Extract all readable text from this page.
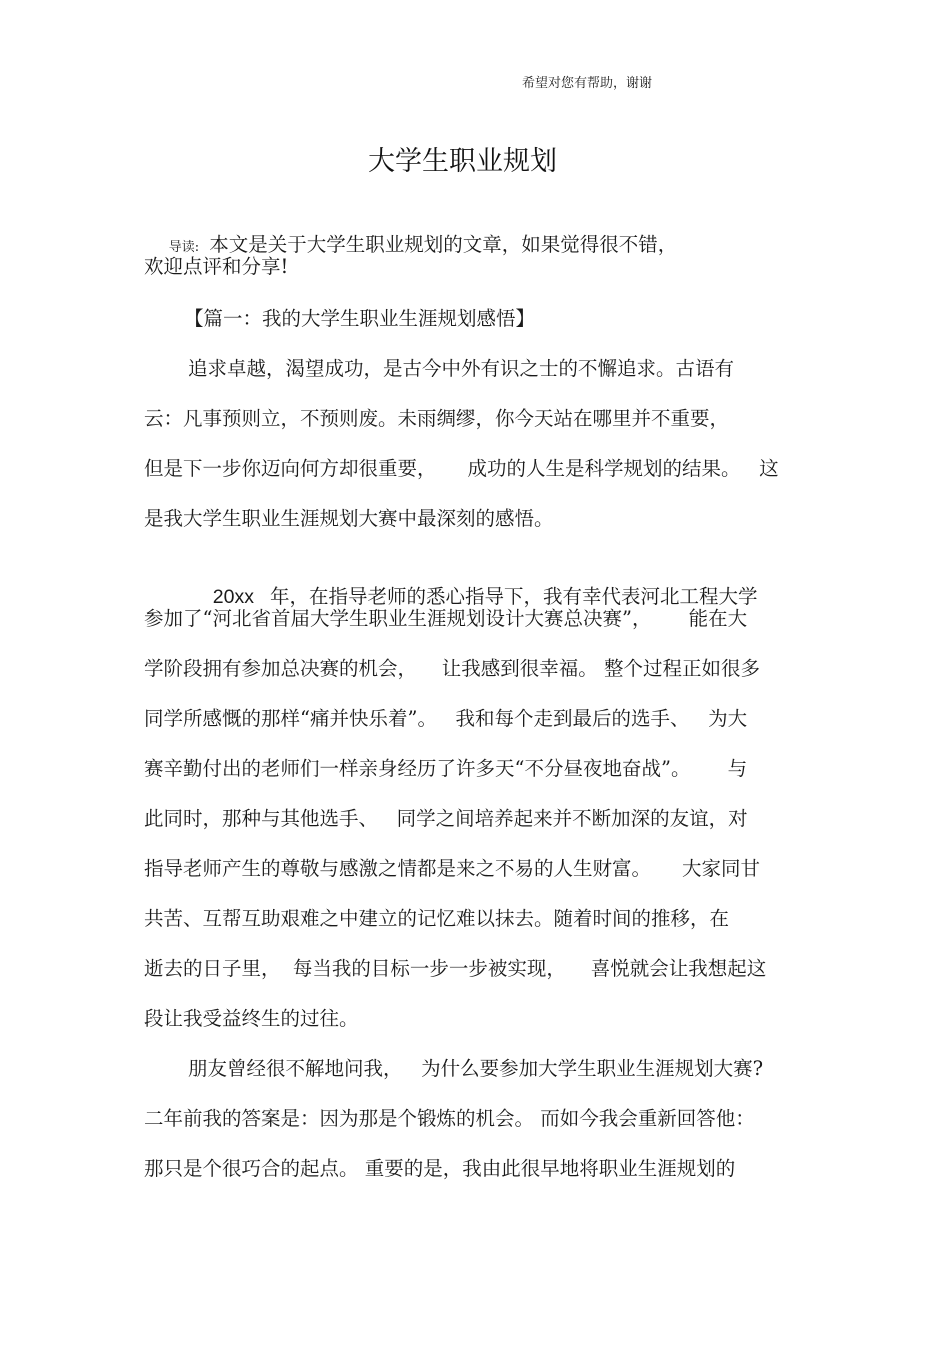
希望对您有帮助，谢谢
大学生职业规划

导读: 本文是关于大学生职业规划的文章，如果觉得很不错，

欢迎点评和分享!
【篇一：我的大学生职业生涯规划感悟】
追求卓越，渴望成功，是古今中外有识之士的不懈追求。古语有
云：凡事预则立，不预则废。未雨绸缪，你今天站在哪里并不重要，
但是下一步你迈向何方却很重要，     成功的人生是科学规划的结果。   这
是我大学生职业生涯规划大赛中最深刻的感悟。

20xx 年，在指导老师的悉心指导下，我有幸代表河北工程大学

参加了“河北省首届大学生职业生涯规划设计大赛总决赛”，      能在大
学阶段拥有参加总决赛的机会，    让我感到很幸福。 整个过程正如很多
同学所感慨的那样“痛并快乐着”。   我和每个走到最后的选手、   为大
赛辛勤付出的老师们一样亲身经历了许多天“不分昼夜地奋战”。      与
此同时，那种与其他选手、   同学之间培养起来并不断加深的友谊，对
指导老师产生的尊敬与感激之情都是来之不易的人生财富。     大家同甘
共苦、互帮互助艰难之中建立的记忆难以抹去。随着时间的推移，在
逝去的日子里，  每当我的目标一步一步被实现，    喜悦就会让我想起这
段让我受益终生的过往。
朋友曾经很不解地问我，   为什么要参加大学生职业生涯规划大赛?
二年前我的答案是：因为那是个锻炼的机会。 而如今我会重新回答他：
那只是个很巧合的起点。 重要的是，我由此很早地将职业生涯规划的
